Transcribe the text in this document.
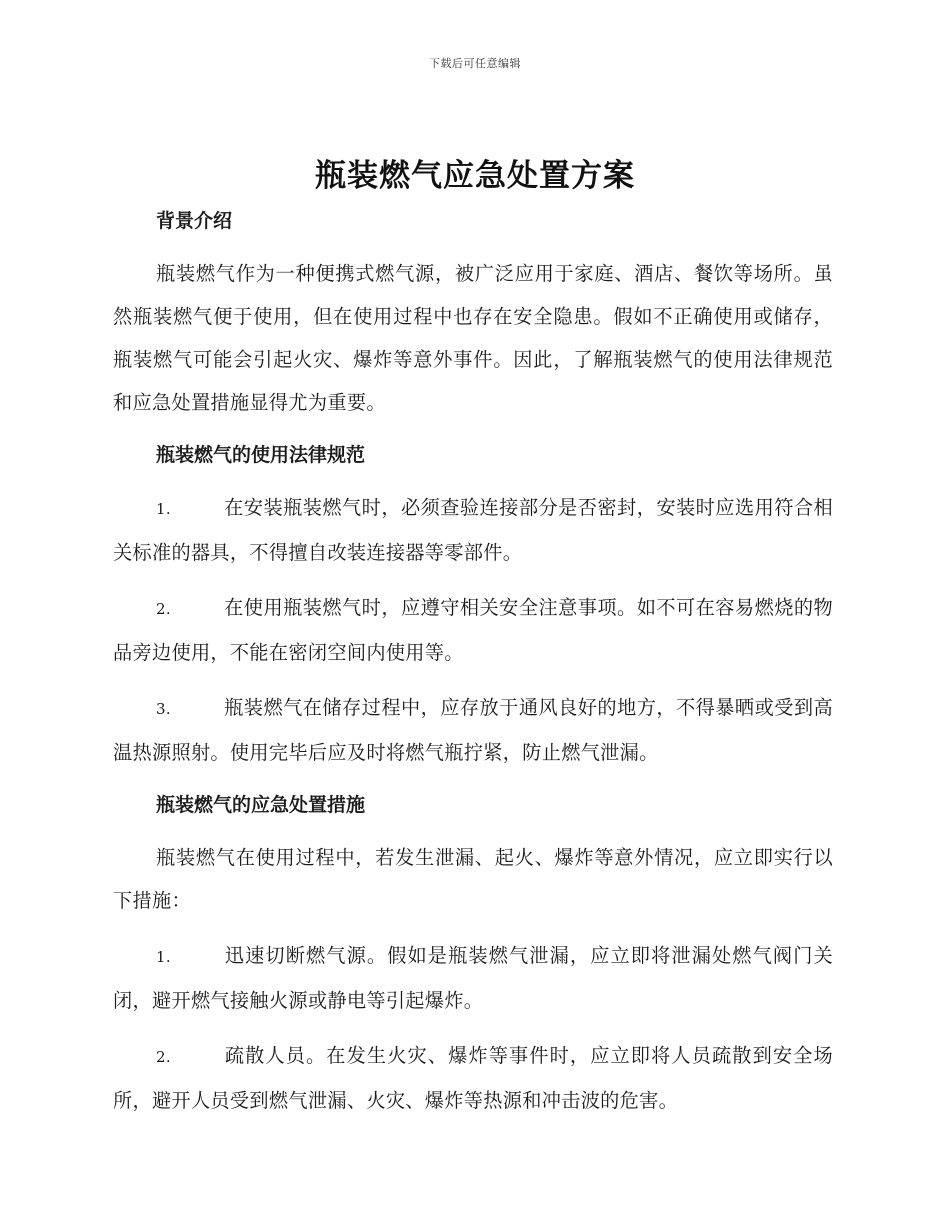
下载后可任意编辑
瓶装燃气应急处置方案
背景介绍

瓶装燃气作为一种便携式燃气源，被广泛应用于家庭、酒店、餐饮等场所。虽然瓶装燃气便于使用，但在使用过程中也存在安全隐患。假如不正确使用或储存，瓶装燃气可能会引起火灾、爆炸等意外事件。因此，了解瓶装燃气的使用法律规范和应急处置措施显得尤为重要。

瓶装燃气的使用法律规范

1.	在安装瓶装燃气时，必须查验连接部分是否密封，安装时应选用符合相关标准的器具，不得擅自改装连接器等零部件。

2.	在使用瓶装燃气时，应遵守相关安全注意事项。如不可在容易燃烧的物品旁边使用，不能在密闭空间内使用等。

3.	瓶装燃气在储存过程中，应存放于通风良好的地方，不得暴晒或受到高温热源照射。使用完毕后应及时将燃气瓶拧紧，防止燃气泄漏。

瓶装燃气的应急处置措施

瓶装燃气在使用过程中，若发生泄漏、起火、爆炸等意外情况，应立即实行以下措施：

1.	迅速切断燃气源。假如是瓶装燃气泄漏，应立即将泄漏处燃气阀门关闭，避开燃气接触火源或静电等引起爆炸。

2.	疏散人员。在发生火灾、爆炸等事件时，应立即将人员疏散到安全场所，避开人员受到燃气泄漏、火灾、爆炸等热源和冲击波的危害。
